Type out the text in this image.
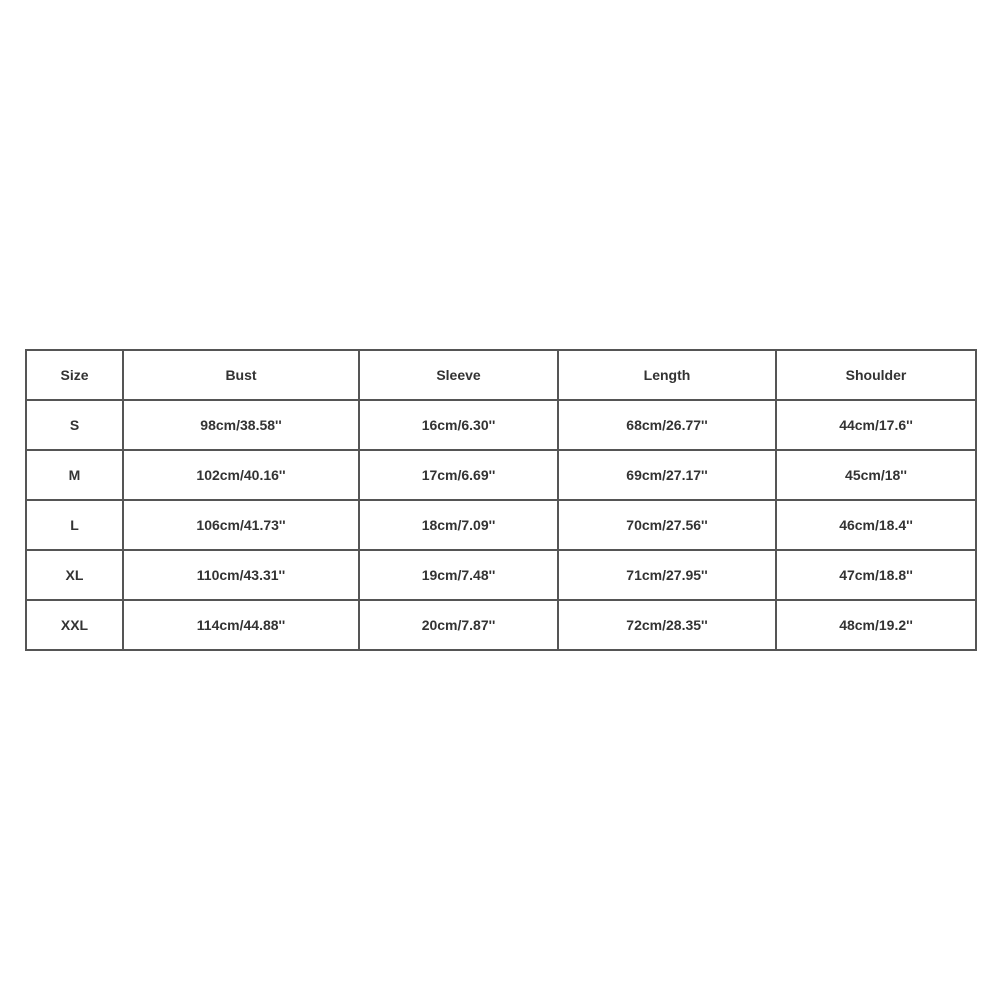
Size	Bust	Sleeve	Length	Shoulder
S	98cm/38.58''	16cm/6.30''	68cm/26.77''	44cm/17.6''
M	102cm/40.16''	17cm/6.69''	69cm/27.17''	45cm/18''
L	106cm/41.73''	18cm/7.09''	70cm/27.56''	46cm/18.4''
XL	110cm/43.31''	19cm/7.48''	71cm/27.95''	47cm/18.8''
XXL	114cm/44.88''	20cm/7.87''	72cm/28.35''	48cm/19.2''
